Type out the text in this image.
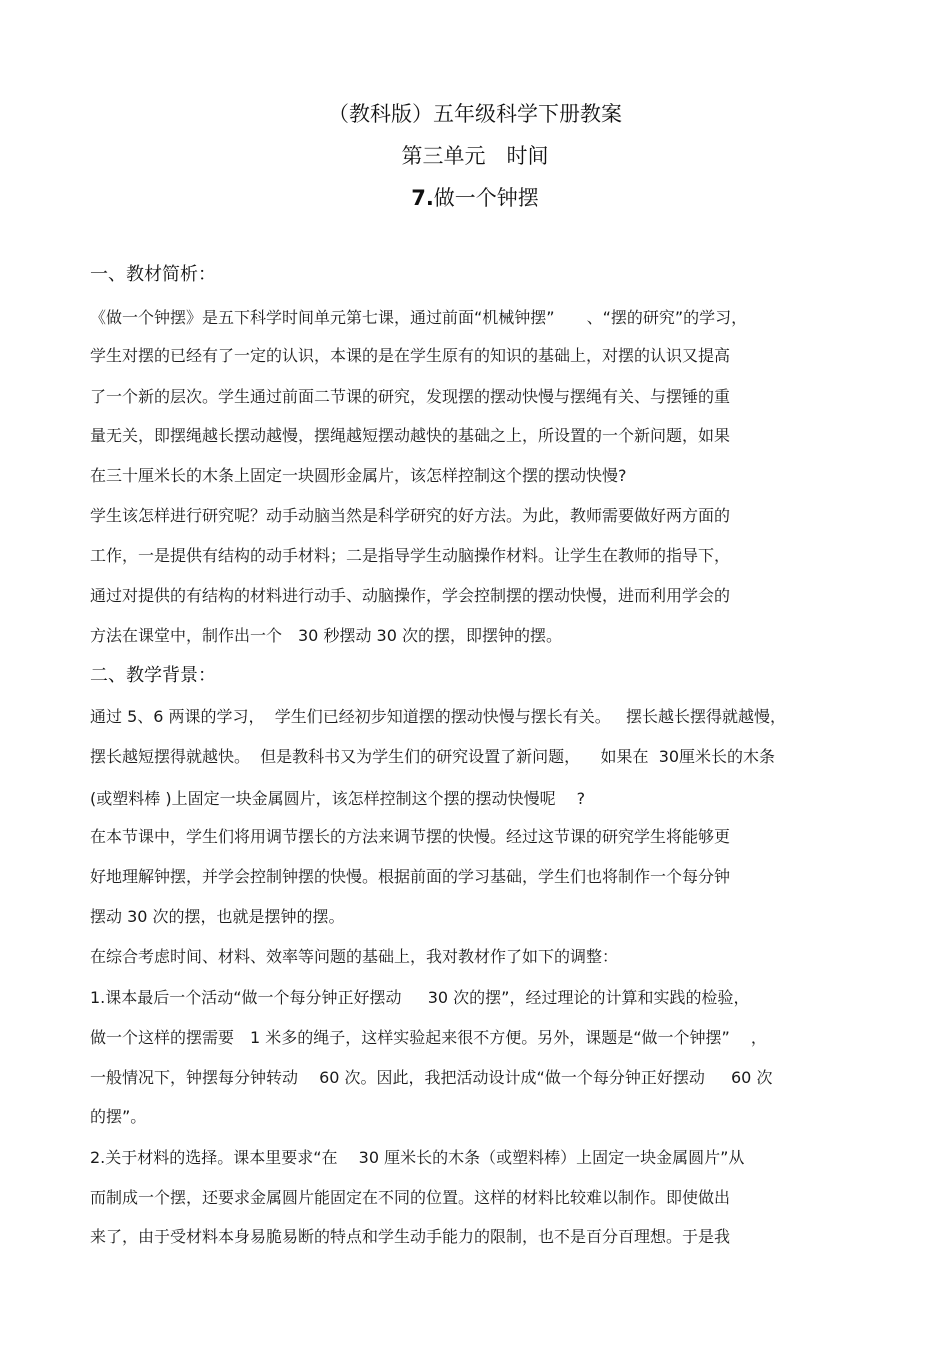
（教科版）五年级科学下册教案
第三单元　时间
7.做一个钟摆
一、教材简析：
《做一个钟摆》是五下科学时间单元第七课，通过前面“机械钟摆”　　、“摆的研究”的学习，
学生对摆的已经有了一定的认识，本课的是在学生原有的知识的基础上，对摆的认识又提高
了一个新的层次。学生通过前面二节课的研究，发现摆的摆动快慢与摆绳有关、与摆锤的重
量无关，即摆绳越长摆动越慢，摆绳越短摆动越快的基础之上，所设置的一个新问题，如果
在三十厘米长的木条上固定一块圆形金属片，该怎样控制这个摆的摆动快慢?
学生该怎样进行研究呢？动手动脑当然是科学研究的好方法。为此，教师需要做好两方面的
工作，一是提供有结构的动手材料；二是指导学生动脑操作材料。让学生在教师的指导下，
通过对提供的有结构的材料进行动手、动脑操作，学会控制摆的摆动快慢，进而利用学会的
方法在课堂中，制作出一个　30 秒摆动 30 次的摆，即摆钟的摆。
二、教学背景：
通过 5、6 两课的学习，  学生们已经初步知道摆的摆动快慢与摆长有关。   摆长越长摆得就越慢，
摆长越短摆得就越快。  但是教科书又为学生们的研究设置了新问题，    如果在  30厘米长的木条
(或塑料棒 )上固定一块金属圆片，该怎样控制这个摆的摆动快慢呢　 ?
在本节课中，学生们将用调节摆长的方法来调节摆的快慢。经过这节课的研究学生将能够更
好地理解钟摆，并学会控制钟摆的快慢。根据前面的学习基础，学生们也将制作一个每分钟
摆动 30 次的摆，也就是摆钟的摆。
在综合考虑时间、材料、效率等问题的基础上，我对教材作了如下的调整：
1.课本最后一个活动“做一个每分钟正好摆动　  30 次的摆”，经过理论的计算和实践的检验，
做一个这样的摆需要　1 米多的绳子，这样实验起来很不方便。另外，课题是“做一个钟摆”　 ，
一般情况下，钟摆每分钟转动　 60 次。因此，我把活动设计成“做一个每分钟正好摆动　  60 次
的摆”。
2.关于材料的选择。课本里要求“在　 30 厘米长的木条（或塑料棒）上固定一块金属圆片”从
而制成一个摆，还要求金属圆片能固定在不同的位置。这样的材料比较难以制作。即使做出
来了，由于受材料本身易脆易断的特点和学生动手能力的限制，也不是百分百理想。于是我
